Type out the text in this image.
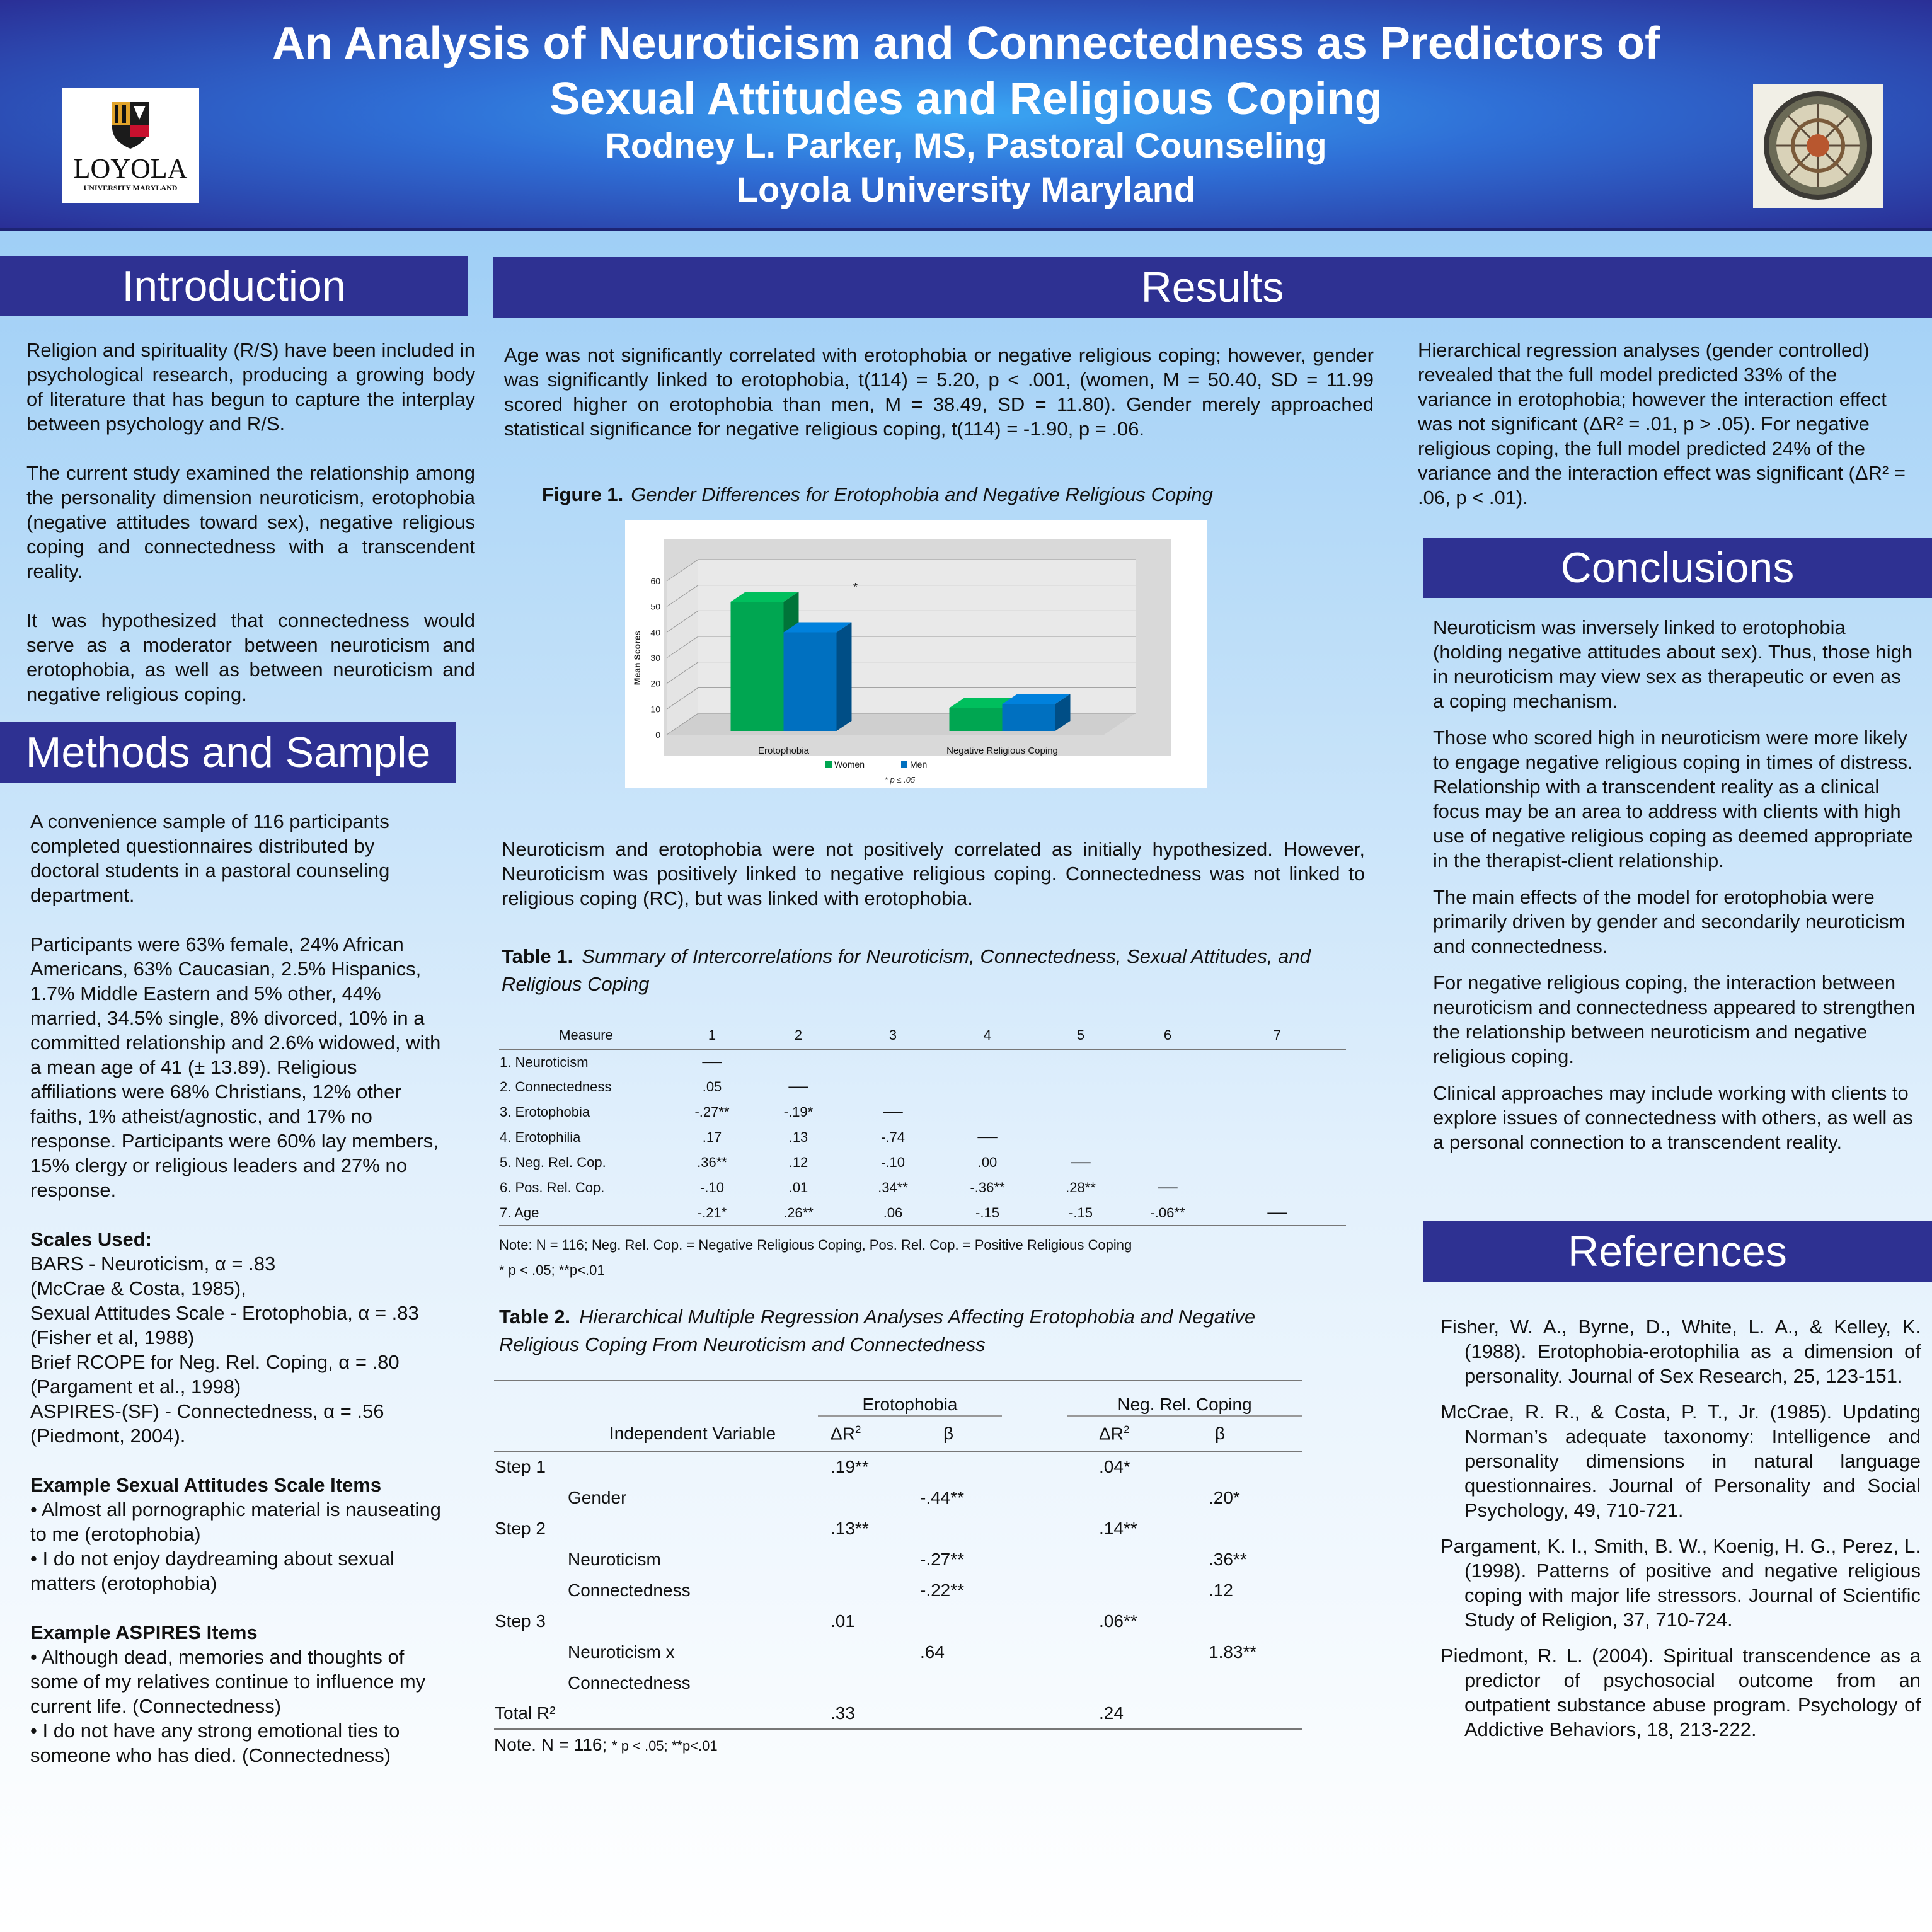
An Analysis of Neuroticism and Connectedness as Predictors of
Sexual Attitudes and Religious Coping
Rodney L. Parker, MS, Pastoral Counseling
Loyola University Maryland
LOYOLA
UNIVERSITY MARYLAND
Introduction	Results
Methods and Sample
Conclusions
References

Religion and spirituality (R/S) have been included in psychological research, producing a growing body of literature that has begun to capture the interplay between psychology and R/S.

The current study examined the relationship among the personality dimension neuroticism, erotophobia (negative attitudes toward sex), negative religious coping and connectedness with a transcendent reality.

It was hypothesized that connectedness would serve as a moderator between neuroticism and erotophobia, as well as between neuroticism and negative religious coping.

A convenience sample of 116 participants completed questionnaires distributed by doctoral students in a pastoral counseling department.

Participants were 63% female, 24% African Americans, 63% Caucasian, 2.5% Hispanics, 1.7% Middle Eastern and 5% other, 44% married, 34.5% single, 8% divorced, 10% in a committed relationship and 2.6% widowed, with a mean age of 41 (± 13.89). Religious affiliations were 68% Christians, 12% other faiths, 1% atheist/agnostic, and 17% no response. Participants were 60% lay members, 15% clergy or religious leaders and 27% no response.

Scales Used:
BARS - Neuroticism, α = .83
(McCrae & Costa, 1985),
Sexual Attitudes Scale - Erotophobia, α = .83
(Fisher et al, 1988)
Brief RCOPE for Neg. Rel. Coping, α = .80
(Pargament et al., 1998)
ASPIRES-(SF) - Connectedness, α = .56
(Piedmont, 2004).
Example Sexual Attitudes Scale Items
• Almost all pornographic material is nauseating to me (erotophobia)
• I do not enjoy daydreaming about sexual matters (erotophobia)
Example ASPIRES Items
• Although dead, memories and thoughts of some of my relatives continue to influence my current life. (Connectedness)
• I do not have any strong emotional ties to someone who has died. (Connectedness)
Age was not significantly correlated with erotophobia or negative religious coping; however, gender was significantly linked to erotophobia, t(114) = 5.20, p < .001, (women, M = 50.40, SD = 11.99 scored higher on erotophobia than men, M = 38.49, SD = 11.80). Gender merely approached statistical significance for negative religious coping, t(114) = -1.90, p = .06.
Figure 1. Gender Differences for Erotophobia and Negative Religious Coping
0
10
20
30
40
50
60
Mean Scores
Erotophobia	Negative Religious Coping
*
Women	Men
* p ≤ .05
Neuroticism and erotophobia were not positively correlated as initially hypothesized. However, Neuroticism was positively linked to negative religious coping. Connectedness was not linked to religious coping (RC), but was linked with erotophobia.
Table 1. Summary of Intercorrelations for Neuroticism, Connectedness, Sexual Attitudes, and Religious Coping
Measure	1	2	3	4	5	6	7
1. Neuroticism	──						
2. Connectedness	.05	──					
3. Erotophobia	-.27**	-.19*	──				
4. Erotophilia	.17	.13	-.74	──			
5. Neg. Rel. Cop.	.36**	.12	-.10	.00	──		
6. Pos. Rel. Cop.	-.10	.01	.34**	-.36**	.28**	──	
7. Age	-.21*	.26**	.06	-.15	-.15	-.06**	──
Note: N = 116; Neg. Rel. Cop. = Negative Religious Coping, Pos. Rel. Cop. = Positive Religious Coping
* p < .05; **p<.01
Table 2. Hierarchical Multiple Regression Analyses Affecting Erotophobia and Negative Religious Coping From Neuroticism and Connectedness
		Erotophobia			Neg. Rel. Coping	
	Independent Variable	$\Delta R^2$	β		$\Delta R^2$	β
Step 1		.19**			.04*	
	Gender		-.44**			.20*
Step 2		.13**			.14**	
	Neuroticism		-.27**			.36**
	Connectedness		-.22**			.12
Step 3		.01			.06**	
	Neuroticism x		.64			1.83**
	Connectedness					
Total R²		.33			.24	
Note. N = 116; * p < .05; **p<.01
Hierarchical regression analyses (gender controlled) revealed that the full model predicted 33% of the variance in erotophobia; however the interaction effect was not significant (ΔR² = .01, p > .05). For negative religious coping, the full model predicted 24% of the variance and the interaction effect was significant (ΔR² = .06, p < .01).

Neuroticism was inversely linked to erotophobia (holding negative attitudes about sex). Thus, those high in neuroticism may view sex as therapeutic or even as a coping mechanism.

Those who scored high in neuroticism were more likely to engage negative religious coping in times of distress. Relationship with a transcendent reality as a clinical focus may be an area to address with clients with high use of negative religious coping as deemed appropriate in the therapist-client relationship.

The main effects of the model for erotophobia were primarily driven by gender and secondarily neuroticism and connectedness.

For negative religious coping, the interaction between neuroticism and connectedness appeared to strengthen the relationship between neuroticism and negative religious coping.

Clinical approaches may include working with clients to explore issues of connectedness with others, as well as a personal connection to a transcendent reality.

Fisher, W. A., Byrne, D., White, L. A., & Kelley, K. (1988). Erotophobia-erotophilia as a dimension of personality. Journal of Sex Research, 25, 123-151.

McCrae, R. R., & Costa, P. T., Jr. (1985). Updating Norman’s adequate taxonomy: Intelligence and personality dimensions in natural language questionnaires. Journal of Personality and Social Psychology, 49, 710-721.

Pargament, K. I., Smith, B. W., Koenig, H. G., Perez, L. (1998). Patterns of positive and negative religious coping with major life stressors. Journal of Scientific Study of Religion, 37, 710-724.

Piedmont, R. L. (2004). Spiritual transcendence as a predictor of psychosocial outcome from an outpatient substance abuse program. Psychology of Addictive Behaviors, 18, 213-222.
